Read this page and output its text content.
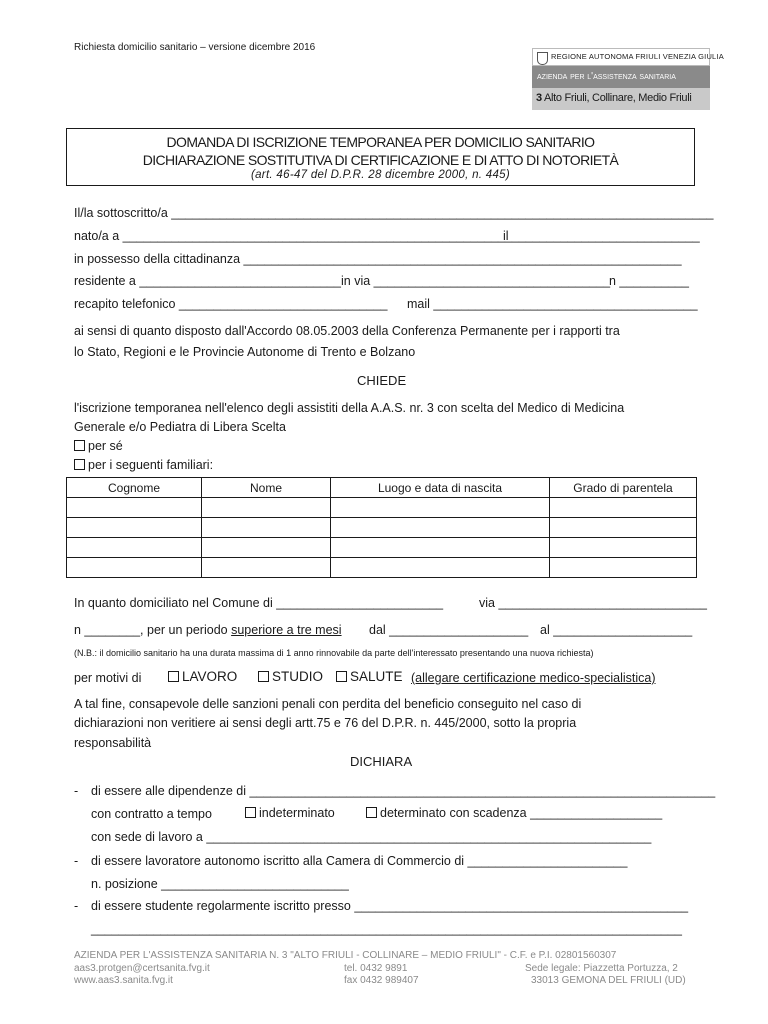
Richiesta domicilio sanitario – versione dicembre 2016
REGIONE AUTONOMA FRIULI VENEZIA GIULIA
azienda per l'assistenza sanitaria
3 Alto Friuli, Collinare, Medio Friuli
DOMANDA DI ISCRIZIONE TEMPORANEA PER DOMICILIO SANITARIO
DICHIARAZIONE SOSTITUTIVA DI CERTIFICAZIONE E DI ATTO DI NOTORIETÀ
(art. 46-47 del D.P.R. 28 dicembre 2000, n. 445)
Il/la sottoscritto/a ______________________________________________________________________________
nato/a a ________________________________________________________
il ___________________________
in possesso della cittadinanza _______________________________________________________________
residente a _____________________________ in via __________________________________
n __________
recapito telefonico ______________________________ mail ______________________________________
ai sensi di quanto disposto dall'Accordo 08.05.2003 della Conferenza Permanente per i rapporti tra
lo Stato, Regioni e le Provincie Autonome di Trento e Bolzano
CHIEDE
l'iscrizione temporanea nell'elenco degli assistiti della A.A.S. nr. 3 con scelta del Medico di Medicina
Generale e/o Pediatra di Libera Scelta
per sé
per i seguenti familiari:
Cognome	Nome	Luogo e data di nascita	Grado di parentela

In quanto domiciliato nel Comune di ________________________	via ______________________________
n ________, per un periodo superiore a tre mesi dal ____________________ al ____________________
(N.B.: il domicilio sanitario ha una durata massima di 1 anno rinnovabile da parte dell'interessato presentando una nuova richiesta)
per motivi di	LAVORO	STUDIO	SALUTE (allegare certificazione medico-specialistica)
A tal fine, consapevole delle sanzioni penali con perdita del beneficio conseguito nel caso di
dichiarazioni non veritiere ai sensi degli artt.75 e 76 del D.P.R. n. 445/2000, sotto la propria
responsabilità
DICHIARA
- di essere alle dipendenze di ___________________________________________________________________
con contratto a tempo	indeterminato	determinato con scadenza ___________________
con sede di lavoro a ________________________________________________________________
- di essere lavoratore autonomo iscritto alla Camera di Commercio di _______________________
n. posizione ___________________________
- di essere studente regolarmente iscritto presso ________________________________________________
_____________________________________________________________________________________
AZIENDA PER L'ASSISTENZA SANITARIA N. 3 "ALTO FRIULI - COLLINARE – MEDIO FRIULI" - C.F. e P.I. 02801560307
aas3.protgen@certsanita.fvg.it	tel. 0432 9891	Sede legale: Piazzetta Portuzza, 2
www.aas3.sanita.fvg.it	fax 0432 989407	33013 GEMONA DEL FRIULI (UD)
